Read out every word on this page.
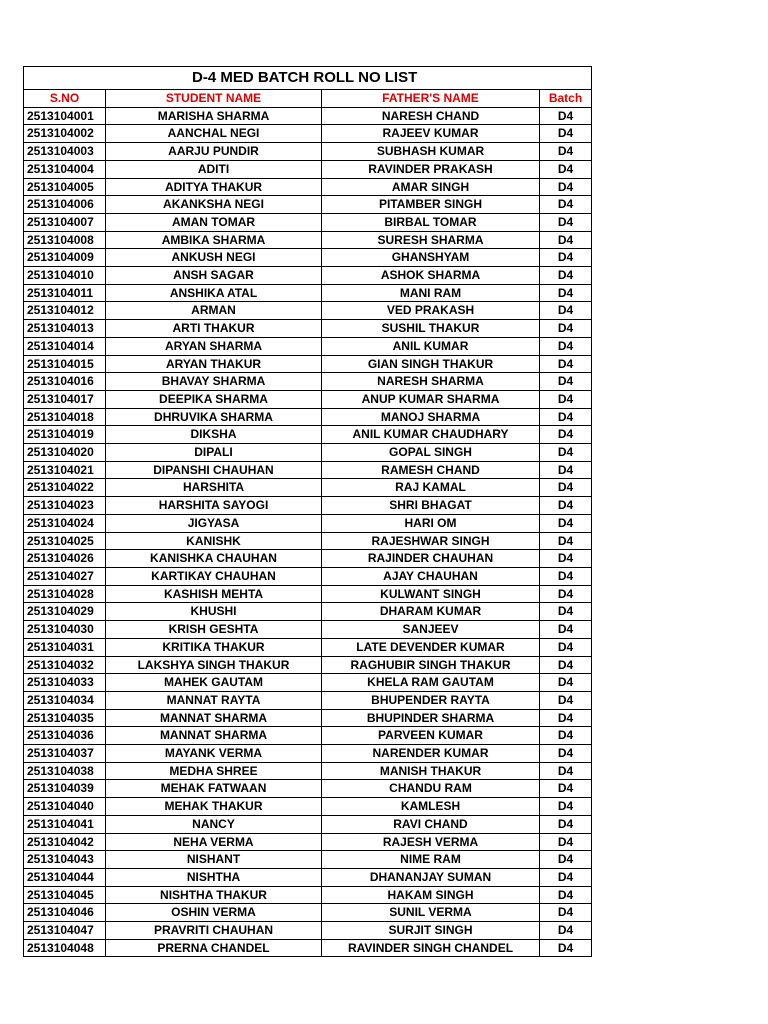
D-4 MED BATCH ROLL NO LIST			
S.NO	STUDENT NAME	FATHER'S NAME	Batch
2513104001	MARISHA SHARMA	NARESH CHAND	D4
2513104002	AANCHAL NEGI	RAJEEV KUMAR	D4
2513104003	AARJU PUNDIR	SUBHASH KUMAR	D4
2513104004	ADITI	RAVINDER PRAKASH	D4
2513104005	ADITYA THAKUR	AMAR SINGH	D4
2513104006	AKANKSHA NEGI	PITAMBER SINGH	D4
2513104007	AMAN TOMAR	BIRBAL TOMAR	D4
2513104008	AMBIKA SHARMA	SURESH SHARMA	D4
2513104009	ANKUSH NEGI	GHANSHYAM	D4
2513104010	ANSH SAGAR	ASHOK SHARMA	D4
2513104011	ANSHIKA ATAL	MANI RAM	D4
2513104012	ARMAN	VED PRAKASH	D4
2513104013	ARTI THAKUR	SUSHIL THAKUR	D4
2513104014	ARYAN SHARMA	ANIL KUMAR	D4
2513104015	ARYAN THAKUR	GIAN SINGH THAKUR	D4
2513104016	BHAVAY SHARMA	NARESH SHARMA	D4
2513104017	DEEPIKA SHARMA	ANUP KUMAR SHARMA	D4
2513104018	DHRUVIKA SHARMA	MANOJ SHARMA	D4
2513104019	DIKSHA	ANIL KUMAR CHAUDHARY	D4
2513104020	DIPALI	GOPAL SINGH	D4
2513104021	DIPANSHI CHAUHAN	RAMESH CHAND	D4
2513104022	HARSHITA	RAJ KAMAL	D4
2513104023	HARSHITA SAYOGI	SHRI BHAGAT	D4
2513104024	JIGYASA	HARI OM	D4
2513104025	KANISHK	RAJESHWAR SINGH	D4
2513104026	KANISHKA CHAUHAN	RAJINDER CHAUHAN	D4
2513104027	KARTIKAY CHAUHAN	AJAY CHAUHAN	D4
2513104028	KASHISH MEHTA	KULWANT SINGH	D4
2513104029	KHUSHI	DHARAM KUMAR	D4
2513104030	KRISH GESHTA	SANJEEV	D4
2513104031	KRITIKA THAKUR	LATE DEVENDER KUMAR	D4
2513104032	LAKSHYA SINGH THAKUR	RAGHUBIR SINGH THAKUR	D4
2513104033	MAHEK GAUTAM	KHELA RAM GAUTAM	D4
2513104034	MANNAT RAYTA	BHUPENDER RAYTA	D4
2513104035	MANNAT SHARMA	BHUPINDER SHARMA	D4
2513104036	MANNAT SHARMA	PARVEEN KUMAR	D4
2513104037	MAYANK VERMA	NARENDER KUMAR	D4
2513104038	MEDHA SHREE	MANISH THAKUR	D4
2513104039	MEHAK FATWAAN	CHANDU RAM	D4
2513104040	MEHAK THAKUR	KAMLESH	D4
2513104041	NANCY	RAVI CHAND	D4
2513104042	NEHA VERMA	RAJESH VERMA	D4
2513104043	NISHANT	NIME RAM	D4
2513104044	NISHTHA	DHANANJAY SUMAN	D4
2513104045	NISHTHA THAKUR	HAKAM SINGH	D4
2513104046	OSHIN VERMA	SUNIL VERMA	D4
2513104047	PRAVRITI CHAUHAN	SURJIT SINGH	D4
2513104048	PRERNA CHANDEL	RAVINDER SINGH CHANDEL	D4
